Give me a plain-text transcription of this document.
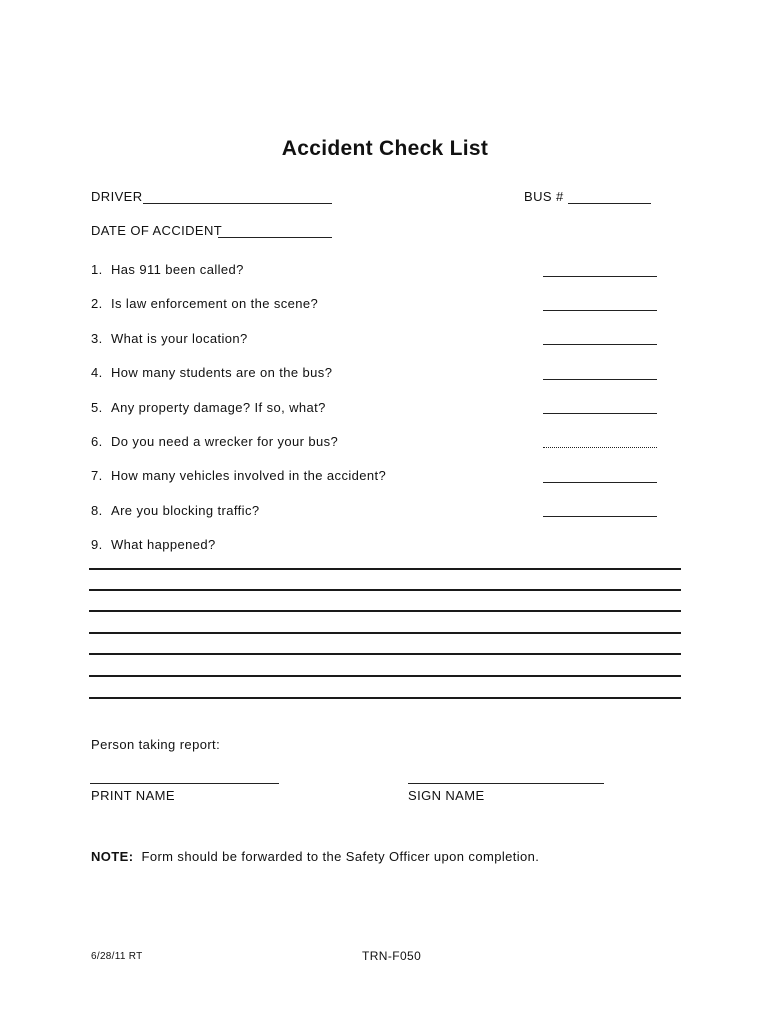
Accident Check List
DRIVER	BUS #
DATE OF ACCIDENT
1. Has 911 been called?
2. Is law enforcement on the scene?
3. What is your location?
4. How many students are on the bus?
5. Any property damage? If so, what?
6. Do you need a wrecker for your bus?
7. How many vehicles involved in the accident?
8. Are you blocking traffic?
9. What happened?
Person taking report:
PRINT NAME	SIGN NAME
NOTE: Form should be forwarded to the Safety Officer upon completion.
6/28/11 RT	TRN-F050
